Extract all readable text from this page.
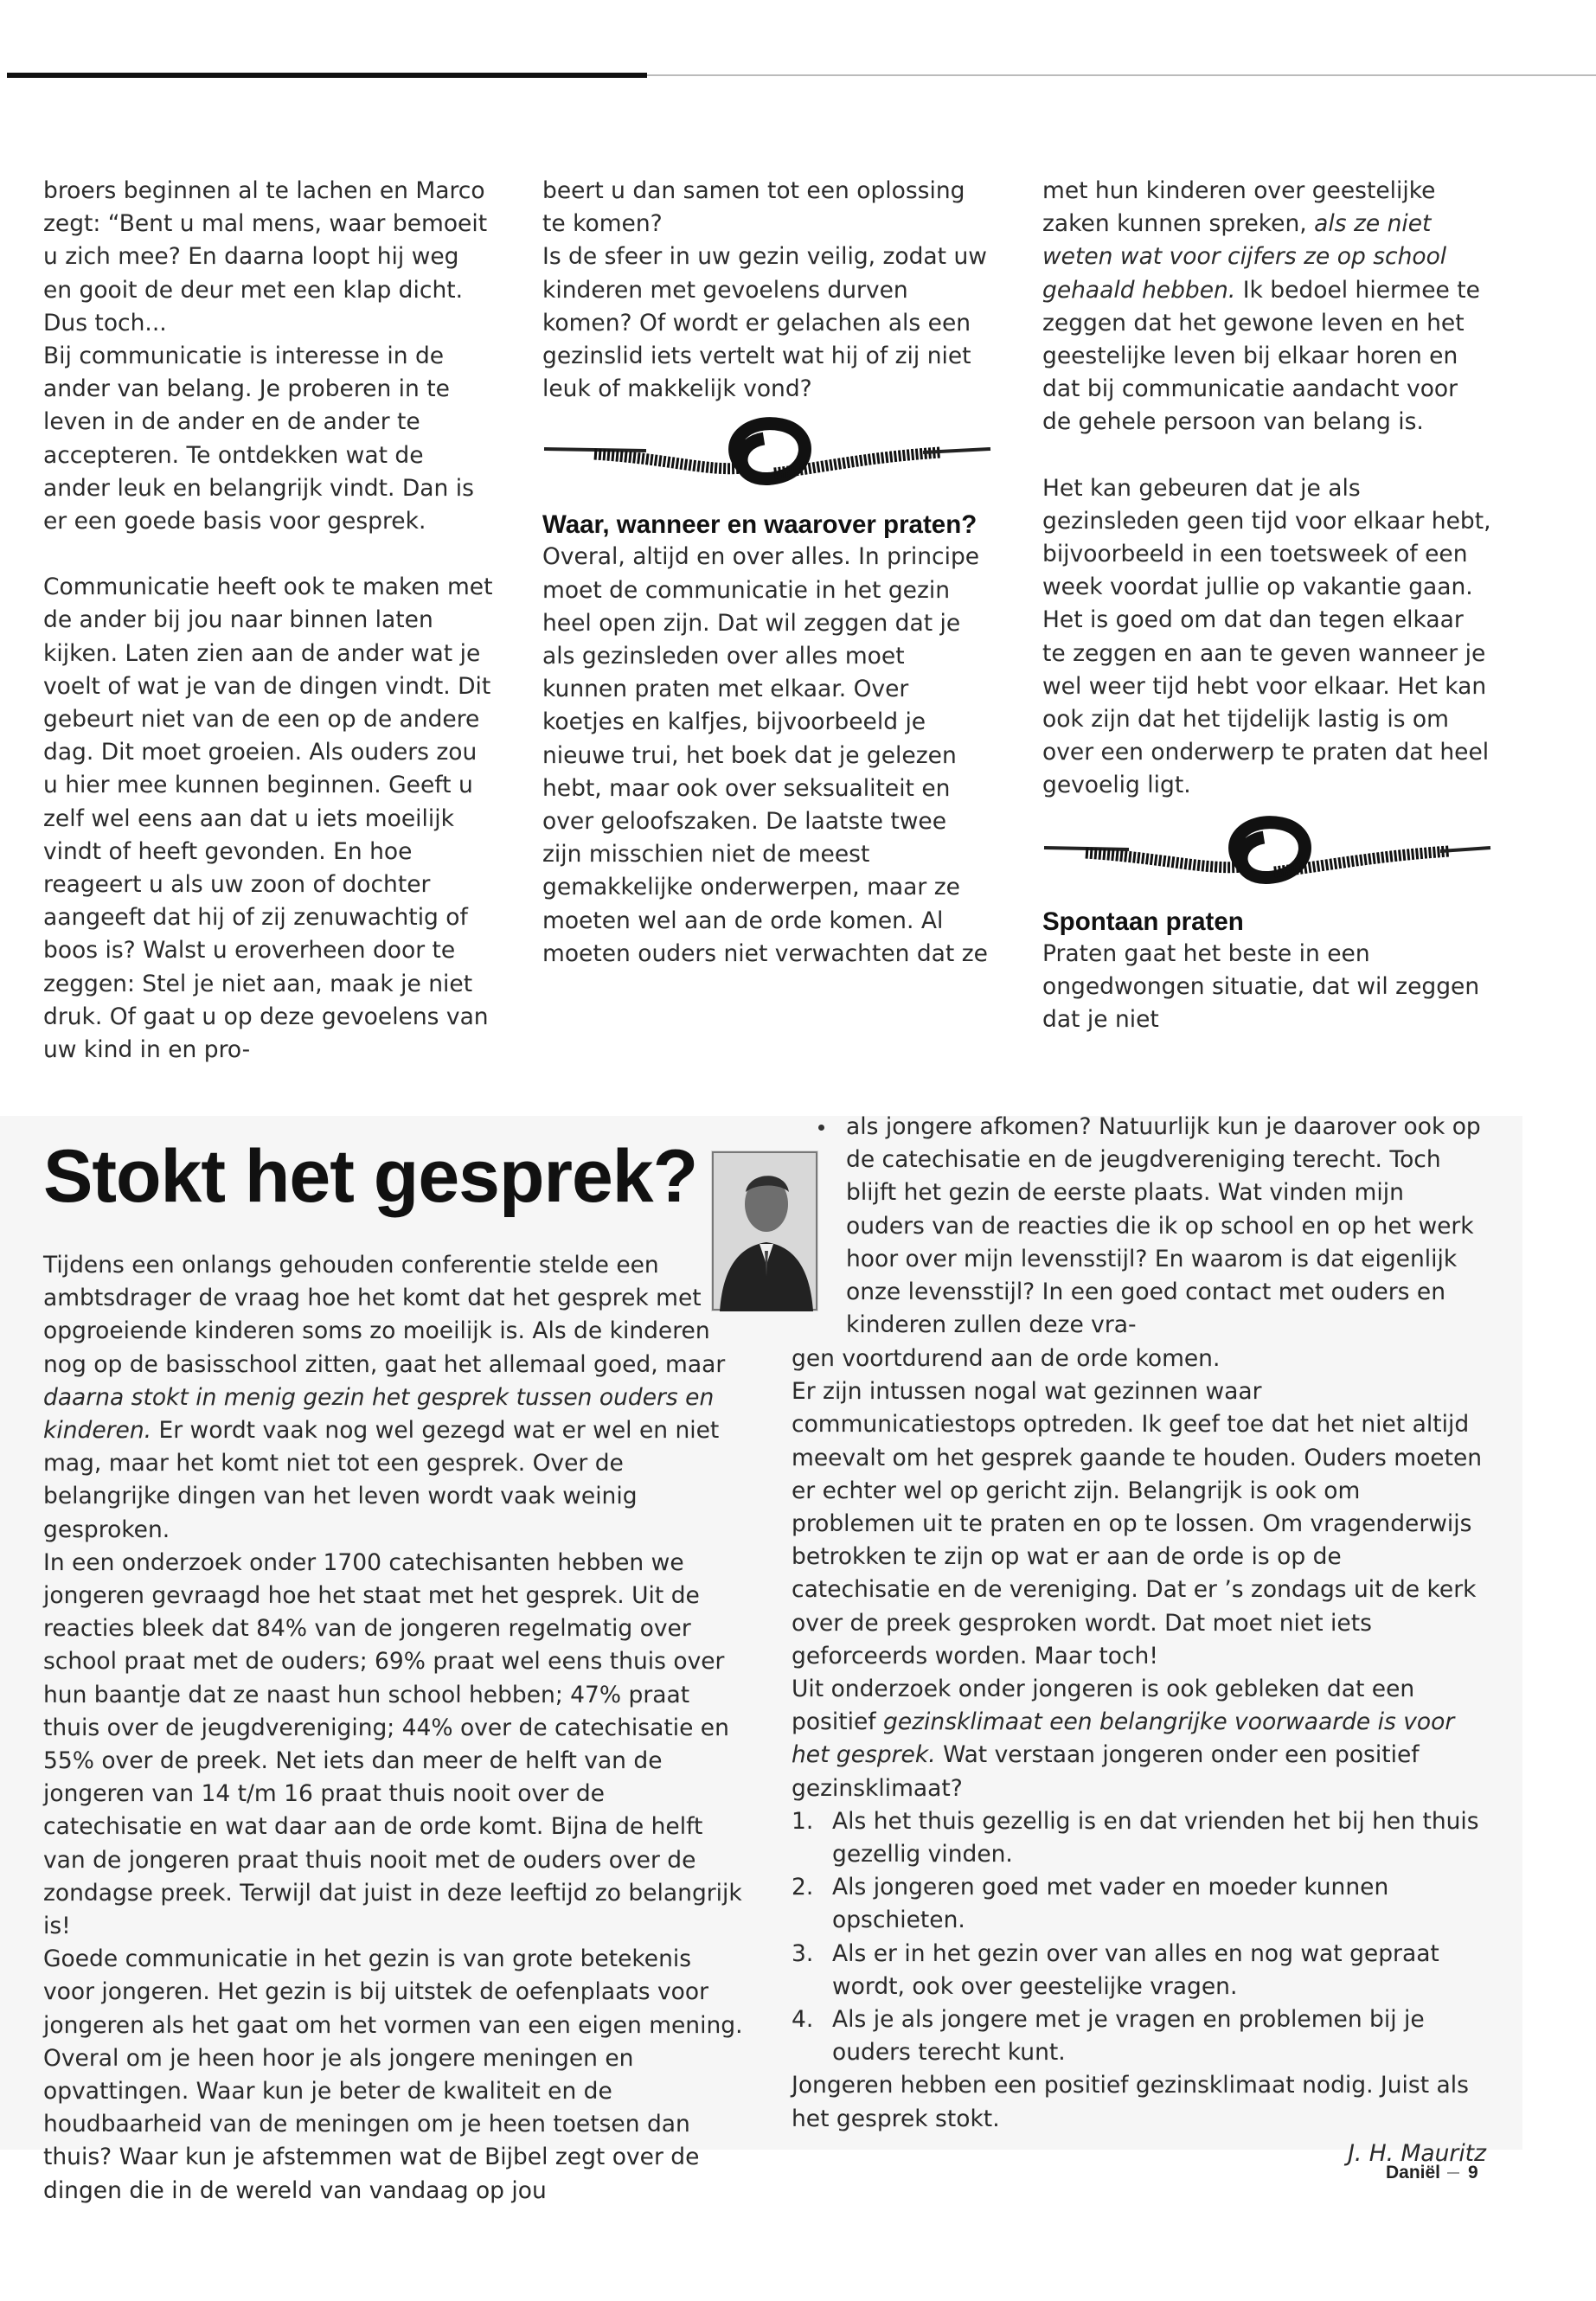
broers beginnen al te lachen en Marco zegt: “Bent u mal mens, waar bemoeit u zich mee? En daarna loopt hij weg en gooit de deur met een klap dicht. Dus toch...

Bij communicatie is interesse in de ander van belang. Je proberen in te leven in de ander en de ander te accepteren. Te ontdekken wat de ander leuk en belangrijk vindt. Dan is er een goede basis voor gesprek.

Communicatie heeft ook te maken met de ander bij jou naar binnen laten kijken. Laten zien aan de ander wat je voelt of wat je van de dingen vindt. Dit gebeurt niet van de een op de andere dag. Dit moet groeien. Als ouders zou u hier mee kunnen beginnen. Geeft u zelf wel eens aan dat u iets moeilijk vindt of heeft gevonden. En hoe reageert u als uw zoon of dochter aangeeft dat hij of zij zenuwachtig of boos is? Walst u eroverheen door te zeggen: Stel je niet aan, maak je niet druk. Of gaat u op deze gevoelens van uw kind in en pro-

beert u dan samen tot een oplossing te komen?

Is de sfeer in uw gezin veilig, zodat uw kinderen met gevoelens durven komen? Of wordt er gelachen als een gezinslid iets vertelt wat hij of zij niet leuk of makkelijk vond?

Waar, wanneer en waarover praten?

Overal, altijd en over alles. In principe moet de communicatie in het gezin heel open zijn. Dat wil zeggen dat je als gezinsleden over alles moet kunnen praten met elkaar. Over koetjes en kalfjes, bijvoorbeeld je nieuwe trui, het boek dat je gelezen hebt, maar ook over seksualiteit en over geloofszaken. De laatste twee zijn misschien niet de meest gemakkelijke onderwerpen, maar ze moeten wel aan de orde komen. Al moeten ouders niet verwachten dat ze

met hun kinderen over geestelijke zaken kunnen spreken, als ze niet weten wat voor cijfers ze op school gehaald hebben. Ik bedoel hiermee te zeggen dat het gewone leven en het geestelijke leven bij elkaar horen en dat bij communicatie aandacht voor de gehele persoon van belang is.

Het kan gebeuren dat je als gezinsleden geen tijd voor elkaar hebt, bijvoorbeeld in een toetsweek of een week voordat jullie op vakantie gaan. Het is goed om dat dan tegen elkaar te zeggen en aan te geven wanneer je wel weer tijd hebt voor elkaar. Het kan ook zijn dat het tijdelijk lastig is om over een onderwerp te praten dat heel gevoelig ligt.

Spontaan praten

Praten gaat het beste in een ongedwongen situatie, dat wil zeggen dat je niet

Stokt het gesprek?

Tijdens een onlangs gehouden conferentie stelde een ambtsdrager de vraag hoe het komt dat het gesprek met opgroeiende kinderen soms zo moeilijk is. Als de kinderen nog op de basisschool zitten, gaat het allemaal goed, maar daarna stokt in menig gezin het gesprek tussen ouders en kinderen. Er wordt vaak nog wel gezegd wat er wel en niet mag, maar het komt niet tot een gesprek. Over de belangrijke dingen van het leven wordt vaak weinig gesproken.

In een onderzoek onder 1700 catechisanten hebben we jongeren gevraagd hoe het staat met het gesprek. Uit de reacties bleek dat 84% van de jongeren regelmatig over school praat met de ouders; 69% praat wel eens thuis over hun baantje dat ze naast hun school hebben; 47% praat thuis over de jeugdvereniging; 44% over de catechisatie en 55% over de preek. Net iets dan meer de helft van de jongeren van 14 t/m 16 praat thuis nooit over de catechisatie en wat daar aan de orde komt. Bijna de helft van de jongeren praat thuis nooit met de ouders over de zondagse preek. Terwijl dat juist in deze leeftijd zo belangrijk is!

Goede communicatie in het gezin is van grote betekenis voor jongeren. Het gezin is bij uitstek de oefenplaats voor jongeren als het gaat om het vormen van een eigen mening. Overal om je heen hoor je als jongere meningen en opvattingen. Waar kun je beter de kwaliteit en de houdbaarheid van de meningen om je heen toetsen dan thuis? Waar kun je afstemmen wat de Bijbel zegt over de dingen die in de wereld van vandaag op jou

als jongere afkomen? Natuurlijk kun je daarover ook op de catechisatie en de jeugdvereniging terecht. Toch blijft het gezin de eerste plaats. Wat vinden mijn ouders van de reacties die ik op school en op het werk hoor over mijn levensstijl? En waarom is dat eigenlijk onze levensstijl? In een goed contact met ouders en kinderen zullen deze vra-

gen voortdurend aan de orde komen.

Er zijn intussen nogal wat gezinnen waar communicatiestops optreden. Ik geef toe dat het niet altijd meevalt om het gesprek gaande te houden. Ouders moeten er echter wel op gericht zijn. Belangrijk is ook om problemen uit te praten en op te lossen. Om vragenderwijs betrokken te zijn op wat er aan de orde is op de catechisatie en de vereniging. Dat er ’s zondags uit de kerk over de preek gesproken wordt. Dat moet niet iets geforceerds worden. Maar toch!

Uit onderzoek onder jongeren is ook gebleken dat een positief gezinsklimaat een belangrijke voorwaarde is voor het gesprek. Wat verstaan jongeren onder een positief gezinsklimaat?

1. Als het thuis gezellig is en dat vrienden het bij hen thuis gezellig vinden.
2. Als jongeren goed met vader en moeder kunnen opschieten.
3. Als er in het gezin over van alles en nog wat gepraat wordt, ook over geestelijke vragen.
4. Als je als jongere met je vragen en problemen bij je ouders terecht kunt.

Jongeren hebben een positief gezinsklimaat nodig. Juist als het gesprek stokt.

J. H. Mauritz

Daniël 9
